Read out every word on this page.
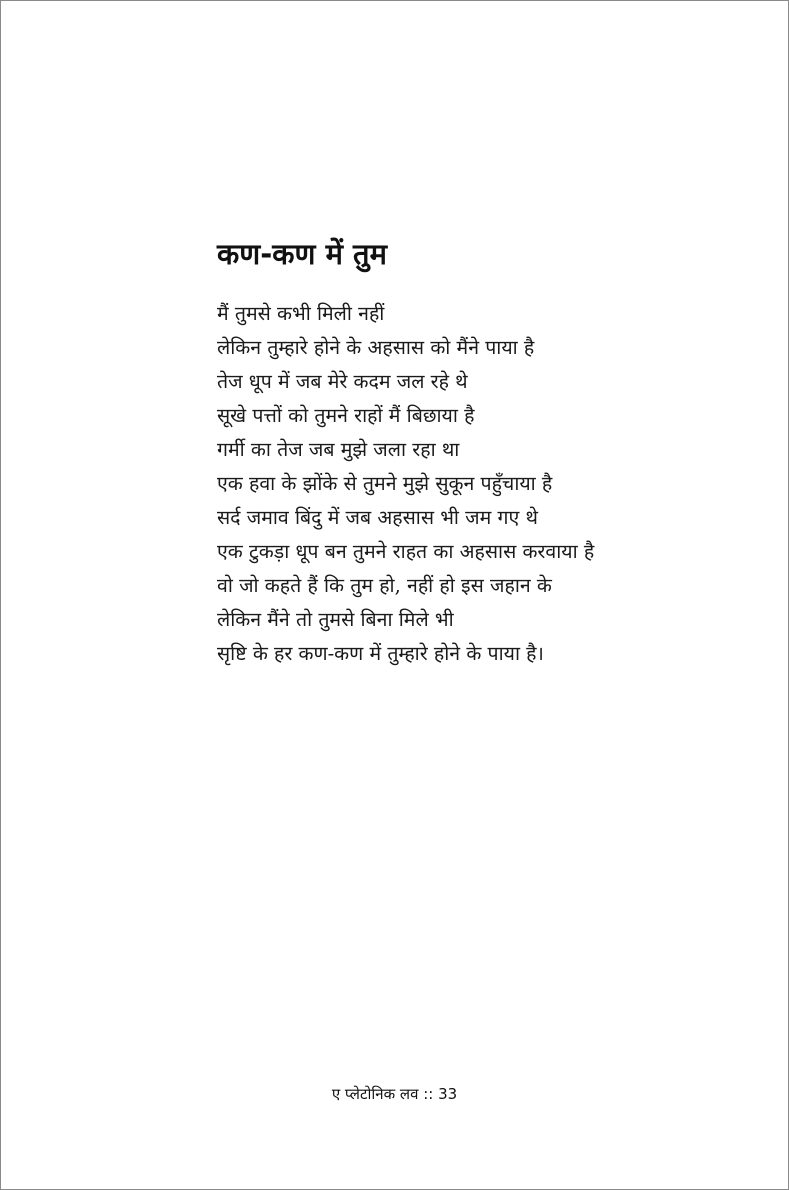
कण-कण में तुम
मैं तुमसे कभी मिली नहीं
लेकिन तुम्हारे होने के अहसास को मैंने पाया है
तेज धूप में जब मेरे कदम जल रहे थे
सूखे पत्तों को तुमने राहों मैं बिछाया है
गर्मी का तेज जब मुझे जला रहा था
एक हवा के झोंके से तुमने मुझे सुकून पहुँचाया है
सर्द जमाव बिंदु में जब अहसास भी जम गए थे
एक टुकड़ा धूप बन तुमने राहत का अहसास करवाया है
वो जो कहते हैं कि तुम हो, नहीं हो इस जहान के
लेकिन मैंने तो तुमसे बिना मिले भी
सृष्टि के हर कण-कण में तुम्हारे होने के पाया है।
ए प्लेटोनिक लव :: 33
